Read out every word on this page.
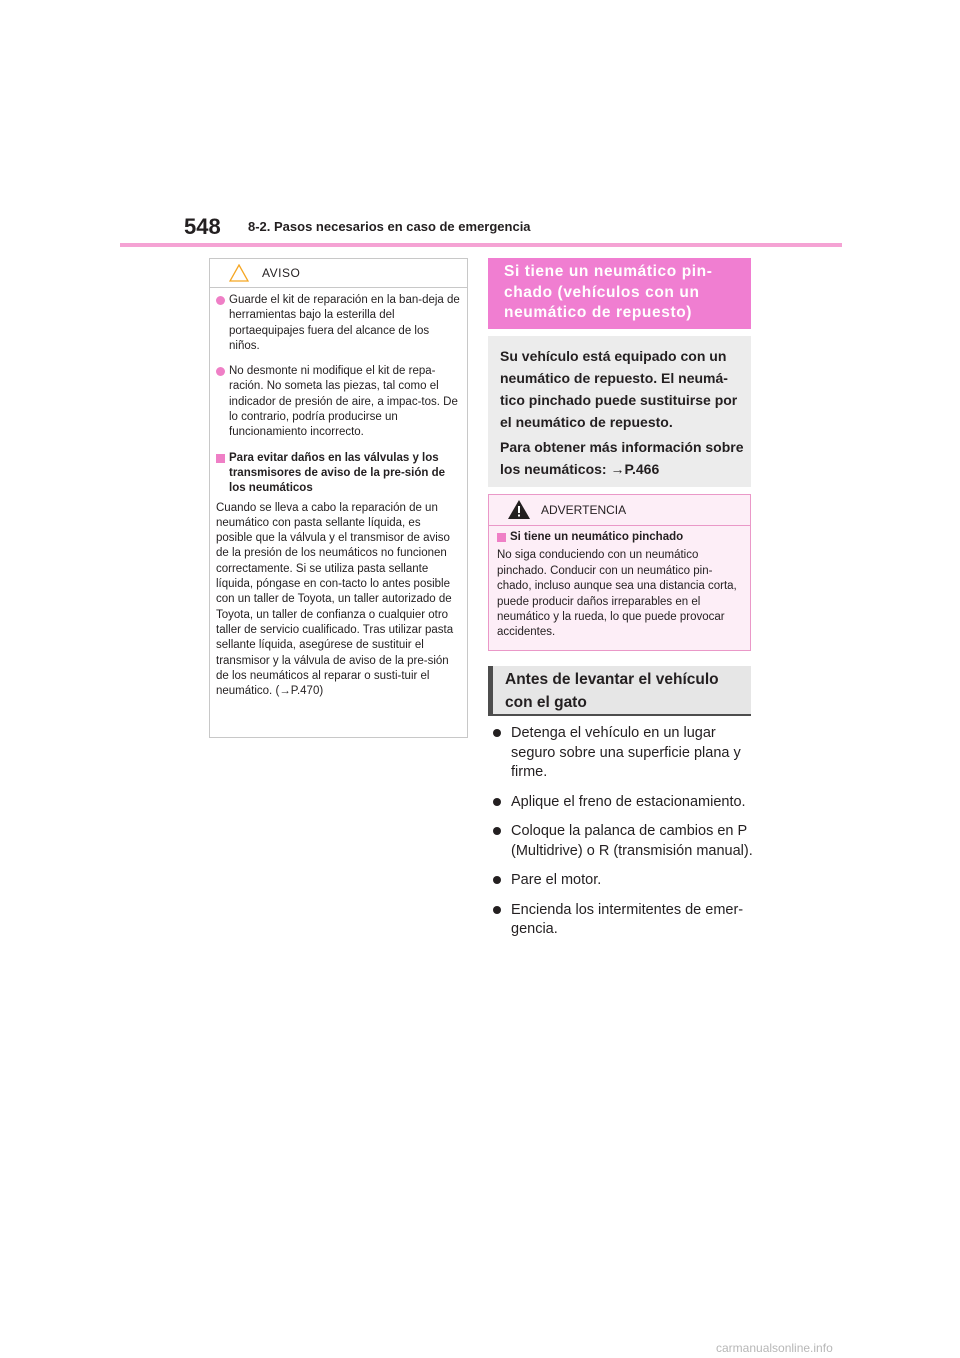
548 8-2. Pasos necesarios en caso de emergencia
AVISO
Guarde el kit de reparación en la ban-deja de herramientas bajo la esterilla del portaequipajes fuera del alcance de los niños.
No desmonte ni modifique el kit de repa-ración. No someta las piezas, tal como el indicador de presión de aire, a impac-tos. De lo contrario, podría producirse un funcionamiento incorrecto.
Para evitar daños en las válvulas y los transmisores de aviso de la pre-sión de los neumáticos
Cuando se lleva a cabo la reparación de un neumático con pasta sellante líquida, es posible que la válvula y el transmisor de aviso de la presión de los neumáticos no funcionen correctamente. Si se utiliza pasta sellante líquida, póngase en con-tacto lo antes posible con un taller de Toyota, un taller autorizado de Toyota, un taller de confianza o cualquier otro taller de servicio cualificado. Tras utilizar pasta sellante líquida, asegúrese de sustituir el transmisor y la válvula de aviso de la pre-sión de los neumáticos al reparar o susti-tuir el neumático. (→P.470)
Si tiene un neumático pin-chado (vehículos con un neumático de repuesto)
Su vehículo está equipado con un neumático de repuesto. El neumá-tico pinchado puede sustituirse por el neumático de repuesto.
Para obtener más información sobre los neumáticos: →P.466
ADVERTENCIA
Si tiene un neumático pinchado
No siga conduciendo con un neumático pinchado. Conducir con un neumático pin-chado, incluso aunque sea una distancia corta, puede producir daños irreparables en el neumático y la rueda, lo que puede provocar accidentes.
Antes de levantar el vehículo con el gato
Detenga el vehículo en un lugar seguro sobre una superficie plana y firme.
Aplique el freno de estacionamiento.
Coloque la palanca de cambios en P (Multidrive) o R (transmisión manual).
Pare el motor.
Encienda los intermitentes de emer-gencia.
carmanualsonline.info
